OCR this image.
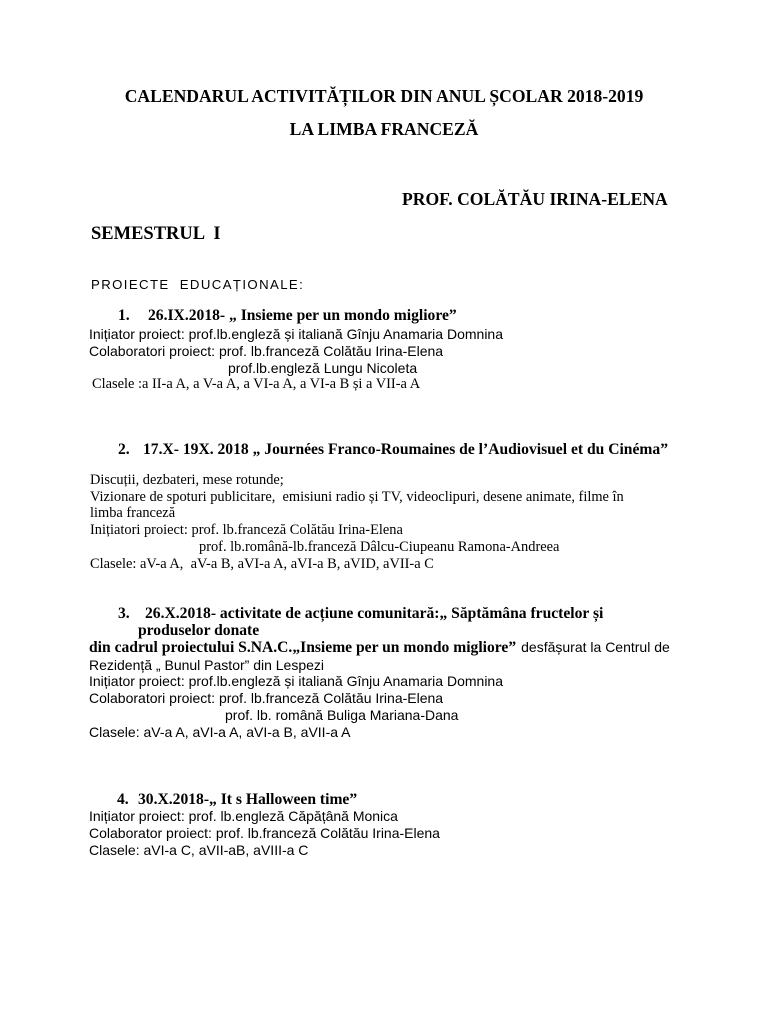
CALENDARUL ACTIVITĂȚILOR DIN ANUL ȘCOLAR 2018-2019
LA LIMBA FRANCEZĂ
PROF. COLĂTĂU IRINA-ELENA
SEMESTRUL  I
PROIECTE  EDUCAȚIONALE:
1. 26.IX.2018- „ Insieme per un mondo migliore”
Inițiator proiect: prof.lb.engleză și italiană Gînju Anamaria Domnina
Colaboratori proiect: prof. lb.franceză Colătău Irina-Elena
prof.lb.engleză Lungu Nicoleta
Clasele :a II-a A, a V-a A, a VI-a A, a VI-a B și a VII-a A
2. 17.X- 19X. 2018 „ Journées Franco-Roumaines de l’Audiovisuel et du Cinéma”
Discuții, dezbateri, mese rotunde;
Vizionare de spoturi publicitare,  emisiuni radio și TV, videoclipuri, desene animate, filme în
limba franceză
Inițiatori proiect: prof. lb.franceză Colătău Irina-Elena
prof. lb.română-lb.franceză Dâlcu-Ciupeanu Ramona-Andreea
Clasele: aV-a A,  aV-a B, aVI-a A, aVI-a B, aVID, aVII-a C
3. 26.X.2018- activitate de acțiune comunitară:„ Săptămâna fructelor și
produselor donate
din cadrul proiectului S.NA.C.„Insieme per un mondo migliore” desfășurat la Centrul de
Rezidență „ Bunul Pastor” din Lespezi
Inițiator proiect: prof.lb.engleză și italiană Gînju Anamaria Domnina
Colaboratori proiect: prof. lb.franceză Colătău Irina-Elena
prof. lb. română Buliga Mariana-Dana
Clasele: aV-a A, aVI-a A, aVI-a B, aVII-a A
4. 30.X.2018-„ It s Halloween time”
Inițiator proiect: prof. lb.engleză Căpățână Monica
Colaborator proiect: prof. lb.franceză Colătău Irina-Elena
Clasele: aVI-a C, aVII-aB, aVIII-a C
